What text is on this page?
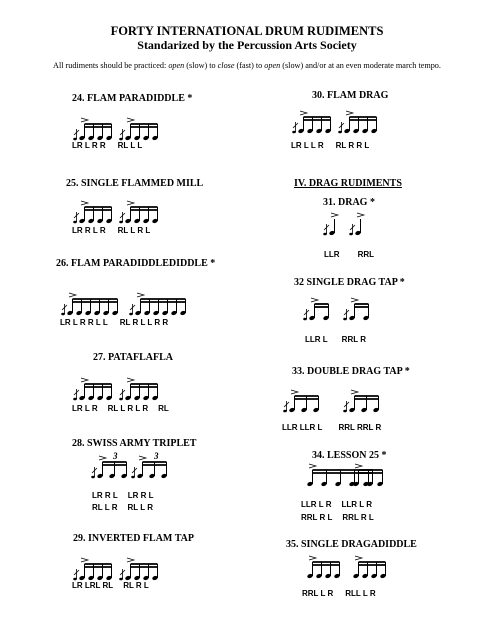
FORTY INTERNATIONAL DRUM RUDIMENTS
Standarized by the Percussion Arts Society
All rudiments should be practiced: open (slow) to close (fast) to open (slow) and/or at an even moderate march tempo.
24. FLAM PARADIDDLE *
LR L R R RL L L
25. SINGLE FLAMMED MILL
LR R L R RL L R L
26. FLAM PARADIDDLEDIDDLE *
LR L R R L L RL R L L R R
27. PATAFLAFLA
LR L R RL L R L R RL
28. SWISS ARMY TRIPLET
3	3
LR R L LR R L
RL L R RL L R
29. INVERTED FLAM TAP
LR LRL RL RL R L
30. FLAM DRAG
LR L L R RL R R L
IV. DRAG RUDIMENTS
31. DRAG *
LLR RRL
32 SINGLE DRAG TAP *
LLR L RRL R
33. DOUBLE DRAG TAP *
LLR LLR L RRL RRL R
34. LESSON 25 *
LLR L R LLR L R
RRL R L RRL R L
35. SINGLE DRAGADIDDLE
RRL L R RLL L R
